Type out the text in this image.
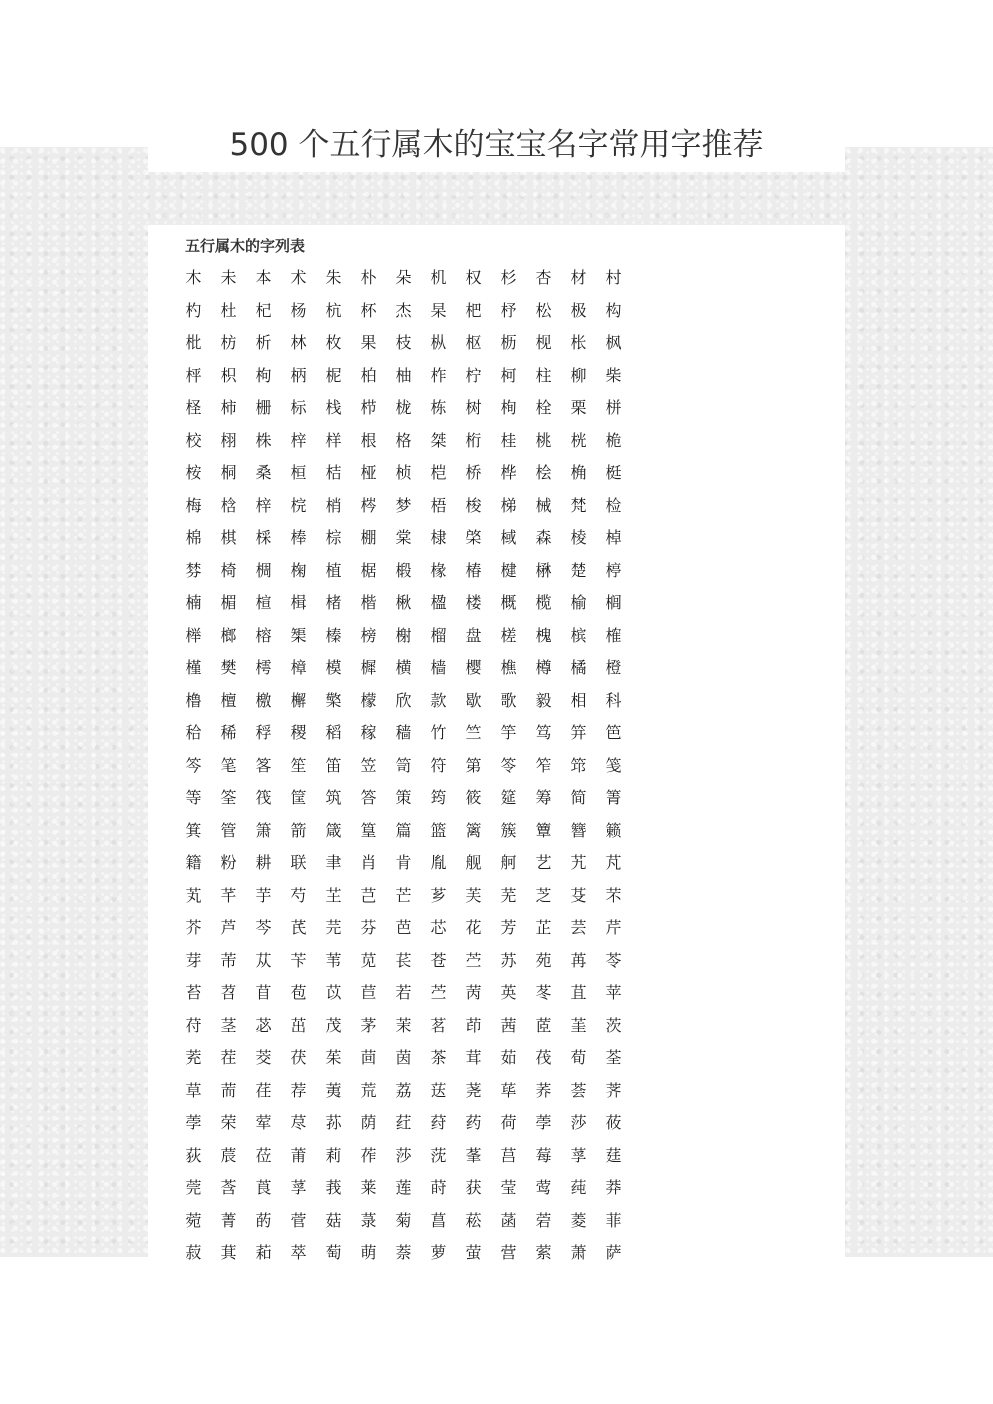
500 个五行属木的宝宝名字常用字推荐
五行属木的字列表
木	未	本	术	朱	朴	朵	机	权	杉	杏	材	村
杓	杜	杞	杨	杭	杯	杰	杲	杷	杼	松	极	构
枇	枋	析	林	枚	果	枝	枞	枢	枥	枧	枨	枫
枰	枳	枸	柄	柅	柏	柚	柞	柠	柯	柱	柳	柴
柽	柿	栅	标	栈	栉	栊	栋	树	栒	栓	栗	栟
校	栩	株	梓	样	根	格	桀	桁	桂	桃	桄	桅
桉	桐	桑	桓	桔	桠	桢	桤	桥	桦	桧	桷	梃
梅	梒	梓	梡	梢	梣	梦	梧	梭	梯	械	梵	检
棉	棋	棌	棒	棕	棚	棠	棣	棨	棫	森	棱	棹
棼	椅	椆	椈	植	椐	椴	椽	椿	楗	楙	楚	楟
楠	楣	楦	楫	楮	楷	楸	楹	楼	概	榄	榆	榈
榉	榔	榕	榘	榛	榜	榭	榴	盘	槎	槐	槟	榷
槿	樊	樗	樟	模	樨	横	樯	樱	樵	樽	橘	橙
橹	檀	檄	檞	檠	檬	欣	款	歇	歌	毅	相	科
秴	稀	稃	稷	稻	稼	穑	竹	竺	竽	笃	笄	笆
笒	笔	笿	笙	笛	笠	笥	符	第	笭	笮	筇	笺
等	筌	筏	筐	筑	答	策	筠	筱	筵	筹	简	箐
箕	管	箫	箭	箴	篁	篇	篮	篱	簇	簟	簪	籁
籍	粉	耕	联	聿	肖	肯	胤	舰	舸	艺	艽	芃
芄	芊	芋	芍	芏	芑	芒	芗	芙	芜	芝	芟	芣
芥	芦	芩	芪	芫	芬	芭	芯	花	芳	芷	芸	芹
芽	芾	苁	苄	苇	苋	苌	苍	苎	苏	苑	苒	苓
苔	苕	苜	苞	苡	苣	若	苎	苪	英	苳	苴	苹
苻	茎	苾	茁	茂	茅	茉	茗	茚	茜	茝	茥	茨
茺	茬	茭	茯	茱	茴	茵	茶	茸	茹	茷	荀	荃
草	荋	荏	荐	荑	荒	荔	荙	荛	荜	荞	荟	荠
荸	荣	荤	荩	荪	荫	荭	荮	药	荷	荸	莎	莜
荻	莀	莅	莆	莉	莋	莎	莐	莑	莒	莓	莩	莛
莞	莟	莨	莩	莪	莱	莲	莳	获	莹	莺	莼	莽
菀	菁	菂	菅	菇	菉	菊	菖	菘	菡	菪	菱	菲
菽	萁	萂	萃	萄	萌	萘	萝	萤	营	萦	萧	萨
